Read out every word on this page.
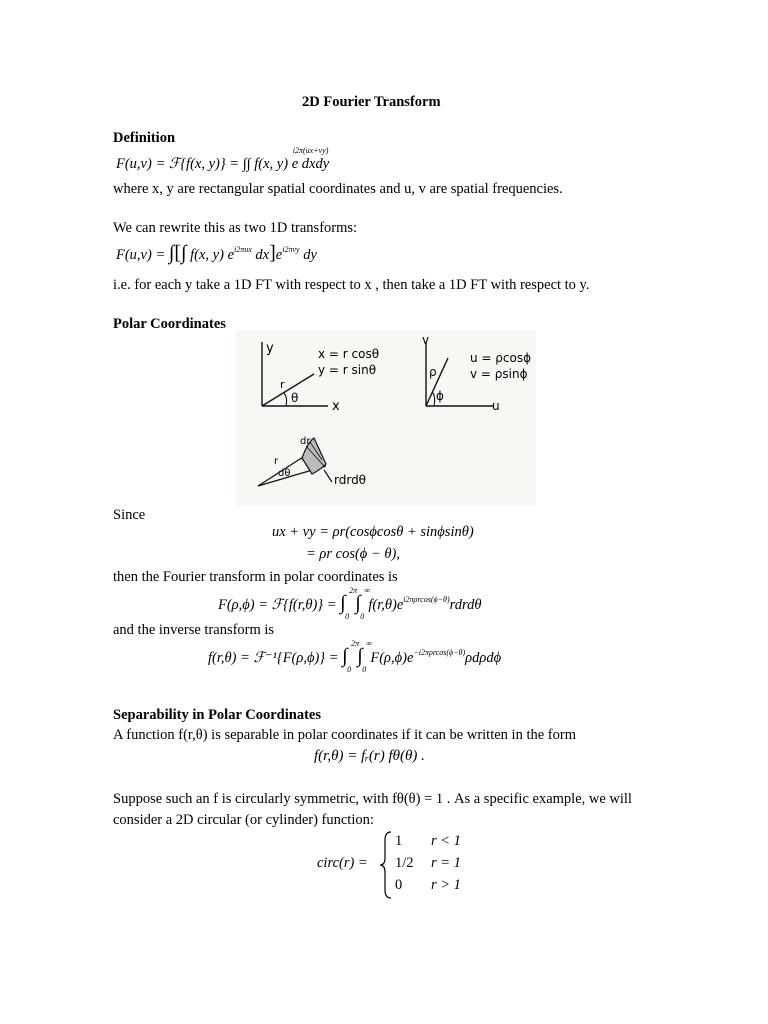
2D Fourier Transform
Definition
F(u,v) = ℱ{f(x, y)} = ∫∫ f(x, y) e dxdy $^{i2\pi(ux+vy)}$
where x, y are rectangular spatial coordinates and u, v are spatial frequencies.
We can rewrite this as two 1D transforms:
F(u,v) = ∫[∫ f(x, y) $e^{i2\pi ux}$ $dx]e^{i2\pi vy}$ dy
i.e. for each y take a 1D FT with respect to x , then take a 1D FT with respect to y.
Polar Coordinates
y
x
r
θ
x = r cosθ
y = r sinθ
v
u
ρ
ϕ
u = ρcosϕ
v = ρsinϕ
dr
r
dθ	rdrdθ
Since
ux + vy = ρr(cosϕcosθ + sinϕsinθ)
= ρr cos(ϕ − θ),
then the Fourier transform in polar coordinates is
F(ρ,ϕ) = ℱ{f(r,θ)} = ∫
2π
0
∫
∞
0
$f(r,\theta)e^{i2\pi\rho rcos(\phi-\theta)}rdrd\theta$
and the inverse transform is
f(r,θ) = ℱ⁻¹{F(ρ,ϕ)} = ∫
2π
0
∫
∞
0
$F(\rho,\phi)e^{-i2\pi\rho rcos(\phi-\theta)}\rho d\rho d\phi$
Separability in Polar Coordinates
A function f(r,θ) is separable in polar coordinates if it can be written in the form
f(r,θ) = fᵣ(r) fθ(θ) .
Suppose such an f is circularly symmetric, with fθ(θ) = 1 . As a specific example, we will
consider a 2D circular (or cylinder) function:
circ(r) =
1 r < 1
1/2 r = 1
0 r > 1
